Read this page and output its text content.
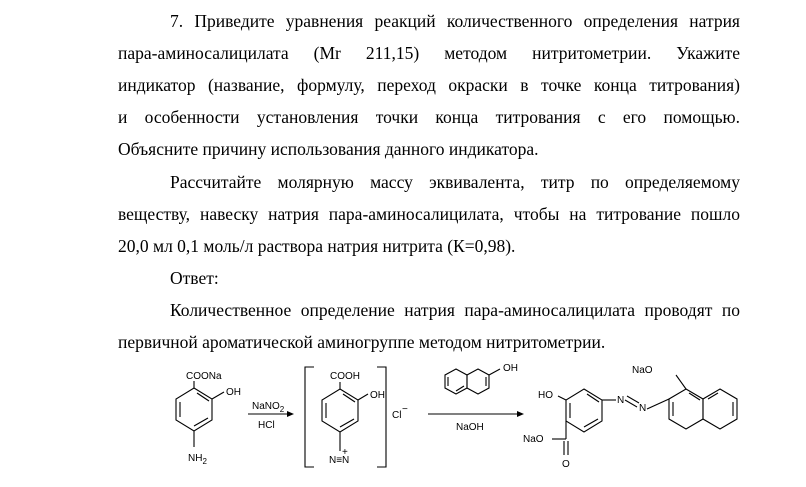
7. Приведите уравнения реакций количественного определения натрия
пара-аминосалицилата (Mr 211,15) методом нитритометрии. Укажите
индикатор (название, формулу, переход окраски в точке конца титрования)
и особенности установления точки конца титрования с его помощью.
Объясните причину использования данного индикатора.
Рассчитайте молярную массу эквивалента, титр по определяемому
веществу, навеску натрия пара-аминосалицилата, чтобы на титрование пошло
20,0 мл 0,1 моль/л раствора натрия нитрита (К=0,98).
Ответ:
Количественное определение натрия пара-аминосалицилата проводят по
первичной ароматической аминогруппе методом нитритометрии.
COONa
OH
$NH_2$
NaNO$_2$
HCl
COOH
OH
N≡N
+
Cl
−
OH
NaOH
HO
NaO
O
N
N
NaO
